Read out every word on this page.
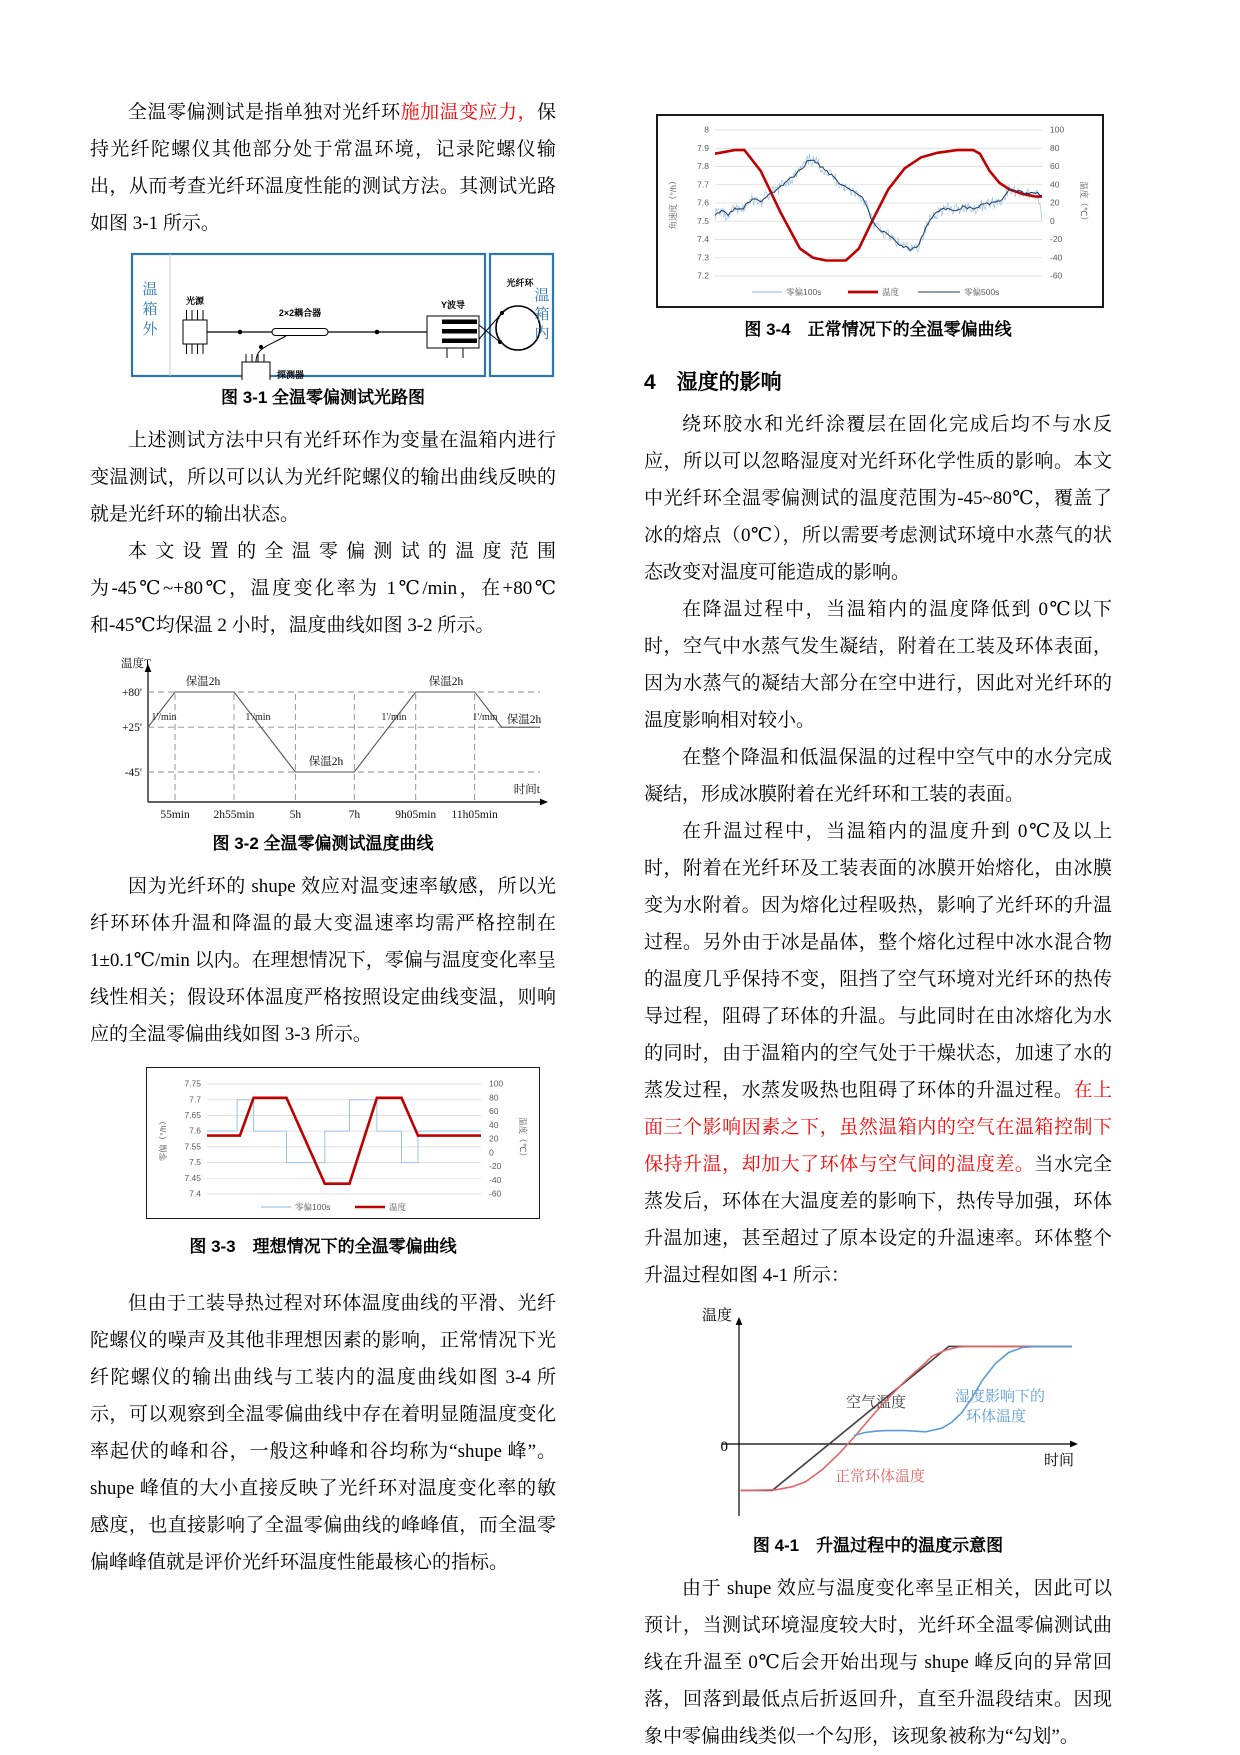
全温零偏测试是指单独对光纤环施加温变应力，保持光纤陀螺仪其他部分处于常温环境，记录陀螺仪输出，从而考查光纤环温度性能的测试方法。其测试光路如图 3-1 所示。

光源
2×2耦合器
探测器
Y波导
光纤环
温
箱
外
温
箱
内
图 3-1 全温零偏测试光路图

上述测试方法中只有光纤环作为变量在温箱内进行变温测试，所以可以认为光纤陀螺仪的输出曲线反映的就是光纤环的输出状态。

本文设置的全温零偏测试的温度范围为-45℃~+80℃，温度变化率为 1℃/min，在+80℃和-45℃均保温 2 小时，温度曲线如图 3-2 所示。

温度T
时间t
+80'
+25'
-45'
55min 2h55min	5h	7h	9h05min 11h05min
保温2h
保温2h
保温2h
保温2h
1'/min	1'/min	1'/min	1'/min
图 3-2 全温零偏测试温度曲线

因为光纤环的 shupe 效应对温变速率敏感，所以光纤环环体升温和降温的最大变温速率均需严格控制在 1±0.1℃/min 以内。在理想情况下，零偏与温度变化率呈线性相关；假设环体温度严格按照设定曲线变温，则响应的全温零偏曲线如图 3-3 所示。

零偏（°/h）	温度（℃）
零偏100s	温度
7.75
7.7
7.65
7.6
7.55
7.5
7.45
7.4
100
80
60
40
20
0
-20
-40
-60
图 3-3　理想情况下的全温零偏曲线

但由于工装导热过程对环体温度曲线的平滑、光纤陀螺仪的噪声及其他非理想因素的影响，正常情况下光纤陀螺仪的输出曲线与工装内的温度曲线如图 3-4 所示，可以观察到全温零偏曲线中存在着明显随温度变化率起伏的峰和谷，一般这种峰和谷均称为“shupe 峰”。shupe 峰值的大小直接反映了光纤环对温度变化率的敏感度，也直接影响了全温零偏曲线的峰峰值，而全温零偏峰峰值就是评价光纤环温度性能最核心的指标。

角速度（°/h）	温度（℃）
零偏100s	温度	零偏500s
8
7.9
7.8
7.7
7.6
7.5
7.4
7.3
7.2
100
80
60
40
20
0
-20
-40
-60
图 3-4　正常情况下的全温零偏曲线
4　湿度的影响

绕环胶水和光纤涂覆层在固化完成后均不与水反应，所以可以忽略湿度对光纤环化学性质的影响。本文中光纤环全温零偏测试的温度范围为-45~80℃，覆盖了冰的熔点（0℃），所以需要考虑测试环境中水蒸气的状态改变对温度可能造成的影响。

在降温过程中，当温箱内的温度降低到 0℃以下时，空气中水蒸气发生凝结，附着在工装及环体表面，因为水蒸气的凝结大部分在空中进行，因此对光纤环的温度影响相对较小。

在整个降温和低温保温的过程中空气中的水分完成凝结，形成冰膜附着在光纤环和工装的表面。

在升温过程中，当温箱内的温度升到 0℃及以上时，附着在光纤环及工装表面的冰膜开始熔化，由冰膜变为水附着。因为熔化过程吸热，影响了光纤环的升温过程。另外由于冰是晶体，整个熔化过程中冰水混合物的温度几乎保持不变，阻挡了空气环境对光纤环的热传导过程，阻碍了环体的升温。与此同时在由冰熔化为水的同时，由于温箱内的空气处于干燥状态，加速了水的蒸发过程，水蒸发吸热也阻碍了环体的升温过程。在上面三个影响因素之下，虽然温箱内的空气在温箱控制下保持升温，却加大了环体与空气间的温度差。当水完全蒸发后，环体在大温度差的影响下，热传导加强，环体升温加速，甚至超过了原本设定的升温速率。环体整个升温过程如图 4-1 所示：

温度
时间
0
空气温度
正常环体温度
湿度影响下的
环体温度
图 4-1　升温过程中的温度示意图

由于 shupe 效应与温度变化率呈正相关，因此可以预计，当测试环境湿度较大时，光纤环全温零偏测试曲线在升温至 0℃后会开始出现与 shupe 峰反向的异常回落，回落到最低点后折返回升，直至升温段结束。因现象中零偏曲线类似一个勾形，该现象被称为“勾划”。
